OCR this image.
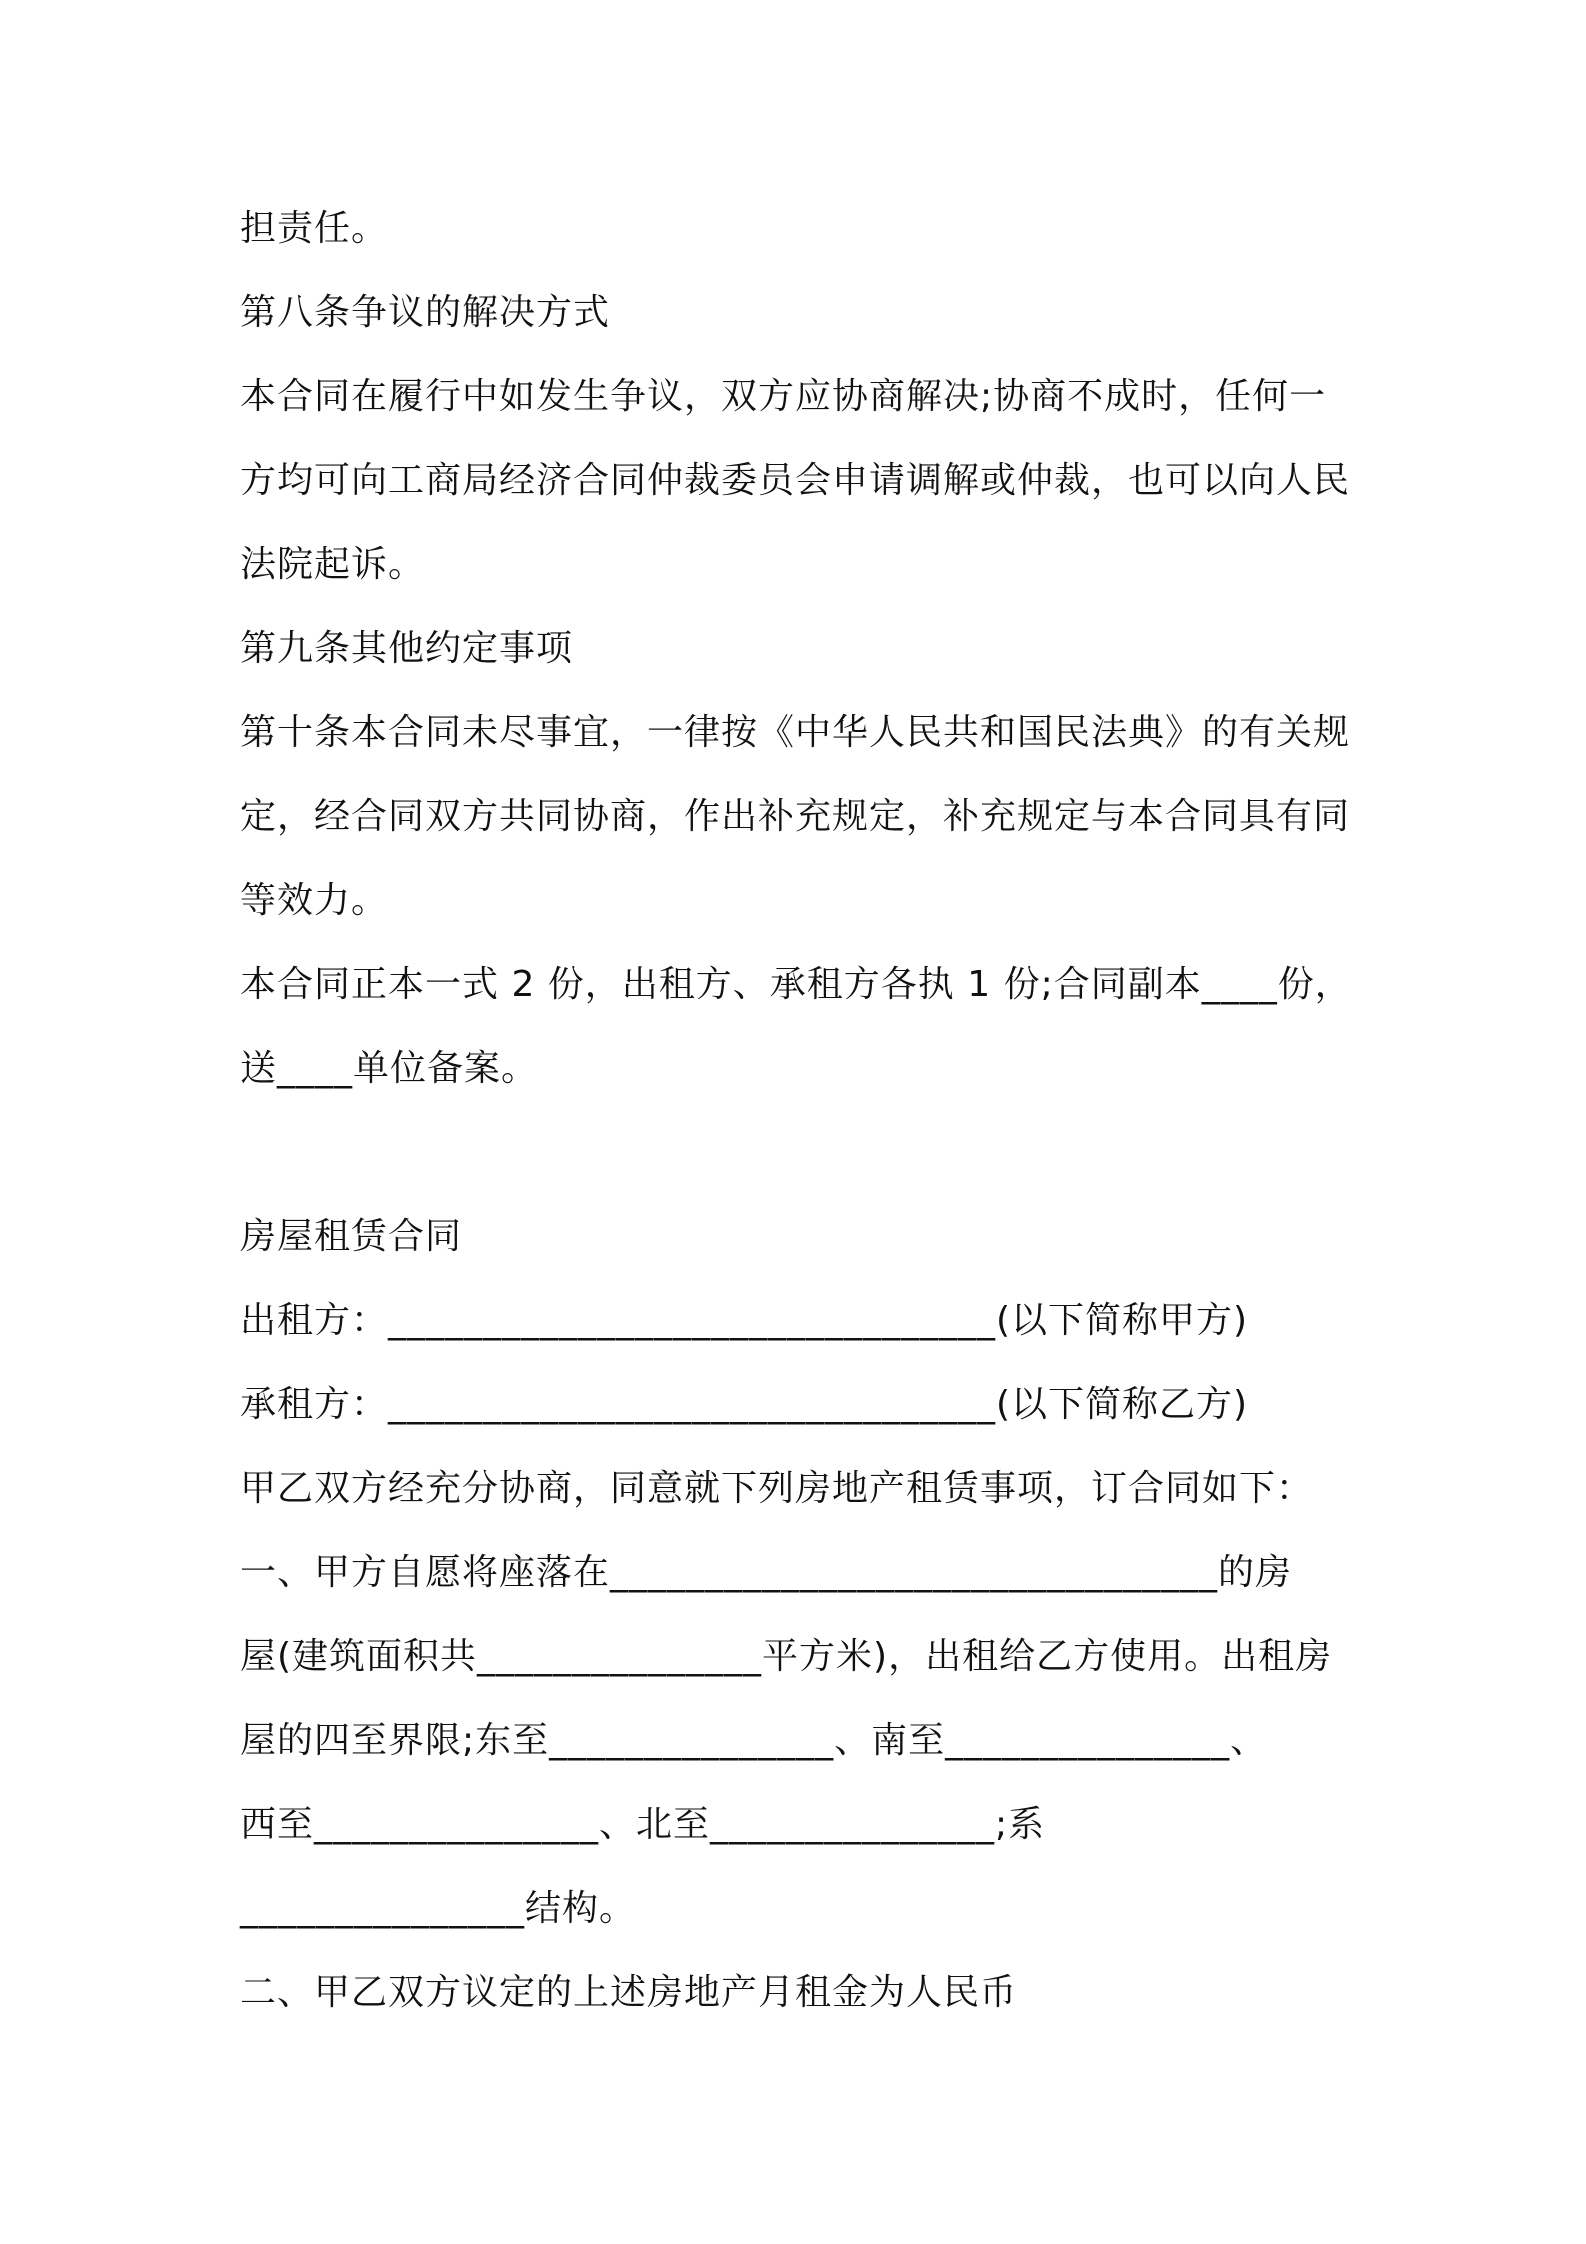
担责任。
第八条争议的解决方式
本合同在履行中如发生争议，双方应协商解决;协商不成时，任何一
方均可向工商局经济合同仲裁委员会申请调解或仲裁，也可以向人民
法院起诉。
第九条其他约定事项
第十条本合同未尽事宜，一律按《中华人民共和国民法典》的有关规
定，经合同双方共同协商，作出补充规定，补充规定与本合同具有同
等效力。
本合同正本一式 2 份，出租方、承租方各执 1 份;合同副本____份，
送____单位备案。
房屋租赁合同
出租方：________________________________(以下简称甲方)
承租方：________________________________(以下简称乙方)
甲乙双方经充分协商，同意就下列房地产租赁事项，订合同如下：
一、甲方自愿将座落在________________________________的房
屋(建筑面积共_______________平方米)，出租给乙方使用。出租房
屋的四至界限;东至_______________、南至_______________、
西至_______________、北至_______________;系
_______________结构。
二、甲乙双方议定的上述房地产月租金为人民币
